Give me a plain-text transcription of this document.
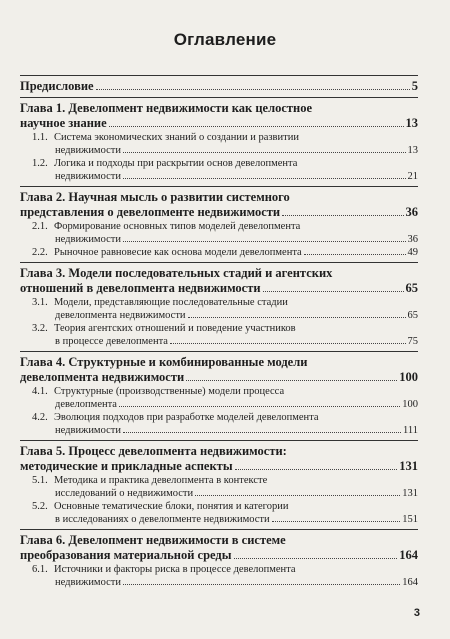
Оглавление
Предисловие	5
Глава 1. Девелопмент недвижимости как целостное
научное знание	13
1.1. Система экономических знаний о создании и развитии
недвижимости	13
1.2. Логика и подходы при раскрытии основ девелопмента
недвижимости	21
Глава 2. Научная мысль о развитии системного
представления о девелопменте недвижимости	36
2.1. Формирование основных типов моделей девелопмента
недвижимости	36
2.2. Рыночное равновесие как основа модели девелопмента	49
Глава 3. Модели последовательных стадий и агентских
отношений в девелопмента недвижимости	65
3.1. Модели, представляющие последовательные стадии
девелопмента недвижимости	65
3.2. Теория агентских отношений и поведение участников
в процессе девелопмента	75
Глава 4. Структурные и комбинированные модели
девелопмента недвижимости	100
4.1. Структурные (производственные) модели процесса
девелопмента	100
4.2. Эволюция подходов при разработке моделей девелопмента
недвижимости	111
Глава 5. Процесс девелопмента недвижимости:
методические и прикладные аспекты	131
5.1. Методика и практика девелопмента в контексте
исследований о недвижимости	131
5.2. Основные тематические блоки, понятия и категории
в исследованиях о девелопменте недвижимости	151
Глава 6. Девелопмент недвижимости в системе
преобразования материальной среды	164
6.1. Источники и факторы риска в процессе девелопмента
недвижимости	164
3
